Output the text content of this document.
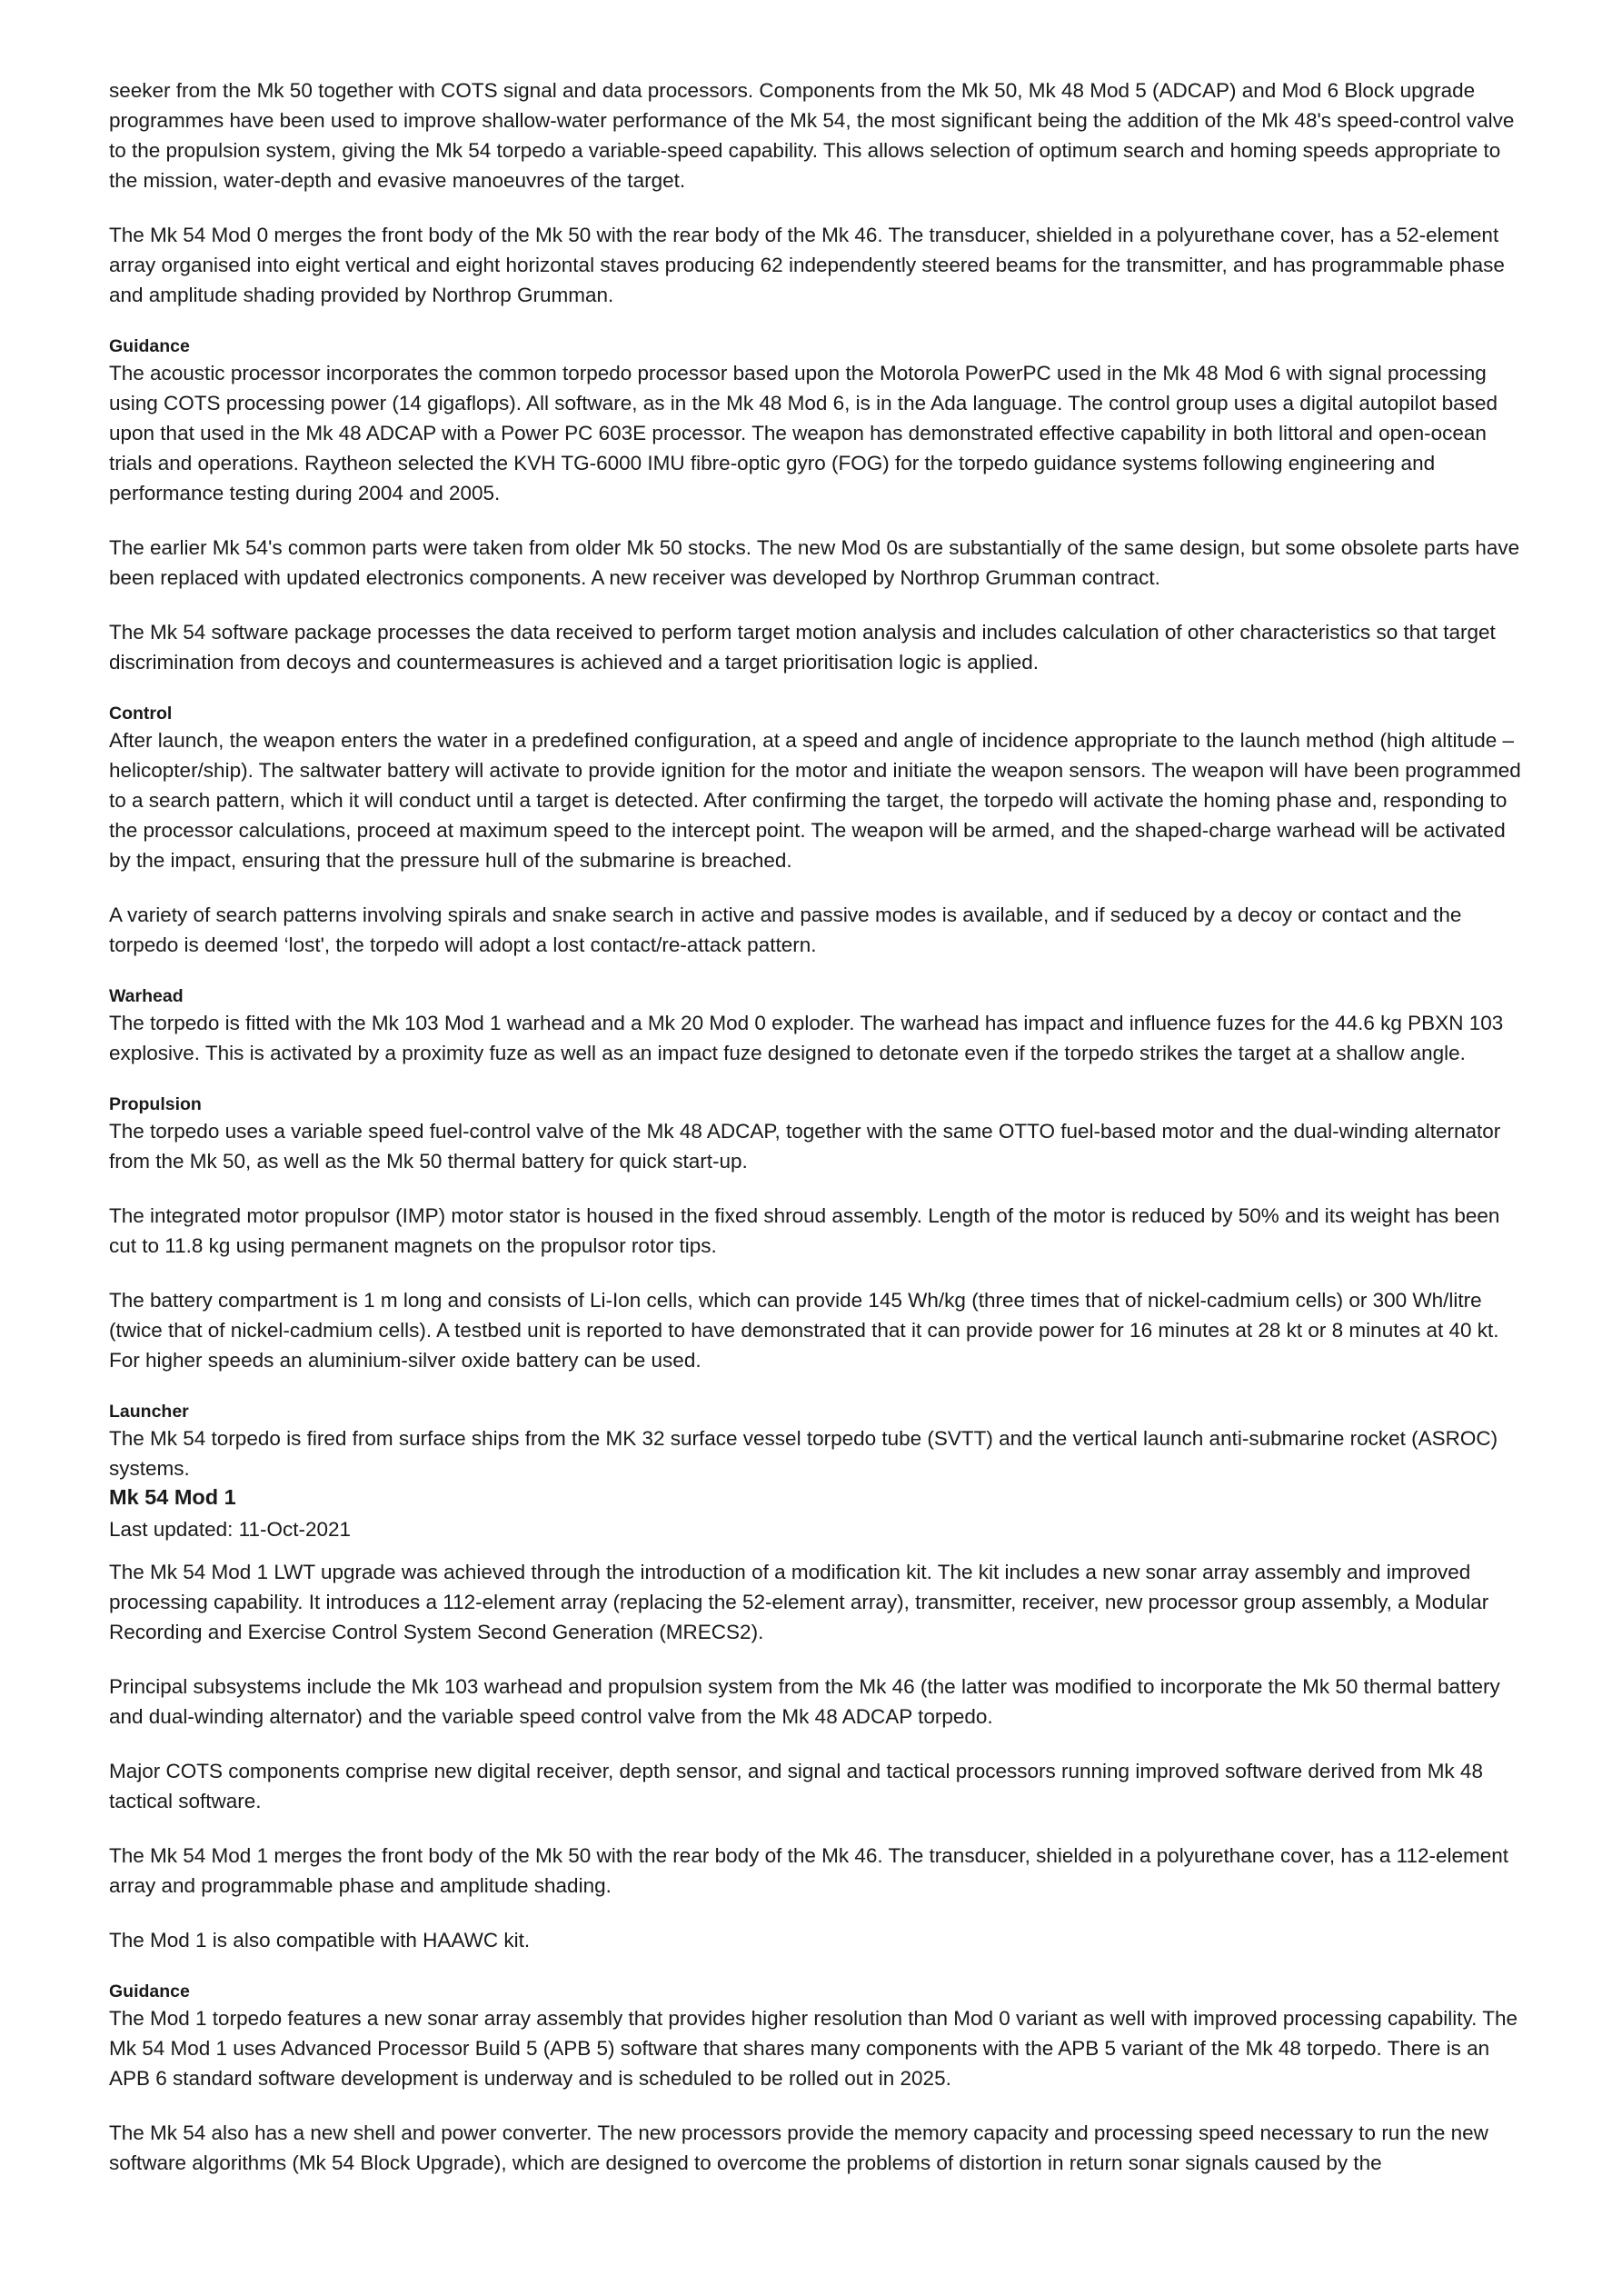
seeker from the Mk 50 together with COTS signal and data processors. Components from the Mk 50, Mk 48 Mod 5 (ADCAP) and Mod 6 Block upgrade programmes have been used to improve shallow-water performance of the Mk 54, the most significant being the addition of the Mk 48's speed-control valve to the propulsion system, giving the Mk 54 torpedo a variable-speed capability. This allows selection of optimum search and homing speeds appropriate to the mission, water-depth and evasive manoeuvres of the target.

The Mk 54 Mod 0 merges the front body of the Mk 50 with the rear body of the Mk 46. The transducer, shielded in a polyurethane cover, has a 52-element array organised into eight vertical and eight horizontal staves producing 62 independently steered beams for the transmitter, and has programmable phase and amplitude shading provided by Northrop Grumman.

Guidance

The acoustic processor incorporates the common torpedo processor based upon the Motorola PowerPC used in the Mk 48 Mod 6 with signal processing using COTS processing power (14 gigaflops). All software, as in the Mk 48 Mod 6, is in the Ada language. The control group uses a digital autopilot based upon that used in the Mk 48 ADCAP with a Power PC 603E processor. The weapon has demonstrated effective capability in both littoral and open-ocean trials and operations. Raytheon selected the KVH TG-6000 IMU fibre-optic gyro (FOG) for the torpedo guidance systems following engineering and performance testing during 2004 and 2005.

The earlier Mk 54's common parts were taken from older Mk 50 stocks. The new Mod 0s are substantially of the same design, but some obsolete parts have been replaced with updated electronics components. A new receiver was developed by Northrop Grumman contract.

The Mk 54 software package processes the data received to perform target motion analysis and includes calculation of other characteristics so that target discrimination from decoys and countermeasures is achieved and a target prioritisation logic is applied.

Control

After launch, the weapon enters the water in a predefined configuration, at a speed and angle of incidence appropriate to the launch method (high altitude – helicopter/ship). The saltwater battery will activate to provide ignition for the motor and initiate the weapon sensors. The weapon will have been programmed to a search pattern, which it will conduct until a target is detected. After confirming the target, the torpedo will activate the homing phase and, responding to the processor calculations, proceed at maximum speed to the intercept point. The weapon will be armed, and the shaped-charge warhead will be activated by the impact, ensuring that the pressure hull of the submarine is breached.

A variety of search patterns involving spirals and snake search in active and passive modes is available, and if seduced by a decoy or contact and the torpedo is deemed ‘lost', the torpedo will adopt a lost contact/re-attack pattern.

Warhead

The torpedo is fitted with the Mk 103 Mod 1 warhead and a Mk 20 Mod 0 exploder. The warhead has impact and influence fuzes for the 44.6 kg PBXN 103 explosive. This is activated by a proximity fuze as well as an impact fuze designed to detonate even if the torpedo strikes the target at a shallow angle.

Propulsion

The torpedo uses a variable speed fuel-control valve of the Mk 48 ADCAP, together with the same OTTO fuel-based motor and the dual-winding alternator from the Mk 50, as well as the Mk 50 thermal battery for quick start-up.

The integrated motor propulsor (IMP) motor stator is housed in the fixed shroud assembly. Length of the motor is reduced by 50% and its weight has been cut to 11.8 kg using permanent magnets on the propulsor rotor tips.

The battery compartment is 1 m long and consists of Li-Ion cells, which can provide 145 Wh/kg (three times that of nickel-cadmium cells) or 300 Wh/litre (twice that of nickel-cadmium cells). A testbed unit is reported to have demonstrated that it can provide power for 16 minutes at 28 kt or 8 minutes at 40 kt. For higher speeds an aluminium-silver oxide battery can be used.

Launcher

The Mk 54 torpedo is fired from surface ships from the MK 32 surface vessel torpedo tube (SVTT) and the vertical launch anti-submarine rocket (ASROC) systems.

Mk 54 Mod 1
Last updated: 11-Oct-2021

The Mk 54 Mod 1 LWT upgrade was achieved through the introduction of a modification kit. The kit includes a new sonar array assembly and improved processing capability. It introduces a 112-element array (replacing the 52-element array), transmitter, receiver, new processor group assembly, a Modular Recording and Exercise Control System Second Generation (MRECS2).

Principal subsystems include the Mk 103 warhead and propulsion system from the Mk 46 (the latter was modified to incorporate the Mk 50 thermal battery and dual-winding alternator) and the variable speed control valve from the Mk 48 ADCAP torpedo.

Major COTS components comprise new digital receiver, depth sensor, and signal and tactical processors running improved software derived from Mk 48 tactical software.

The Mk 54 Mod 1 merges the front body of the Mk 50 with the rear body of the Mk 46. The transducer, shielded in a polyurethane cover, has a 112-element array and programmable phase and amplitude shading.

The Mod 1 is also compatible with HAAWC kit.

Guidance

The Mod 1 torpedo features a new sonar array assembly that provides higher resolution than Mod 0 variant as well with improved processing capability. The Mk 54 Mod 1 uses Advanced Processor Build 5 (APB 5) software that shares many components with the APB 5 variant of the Mk 48 torpedo. There is an APB 6 standard software development is underway and is scheduled to be rolled out in 2025.

The Mk 54 also has a new shell and power converter. The new processors provide the memory capacity and processing speed necessary to run the new software algorithms (Mk 54 Block Upgrade), which are designed to overcome the problems of distortion in return sonar signals caused by the
